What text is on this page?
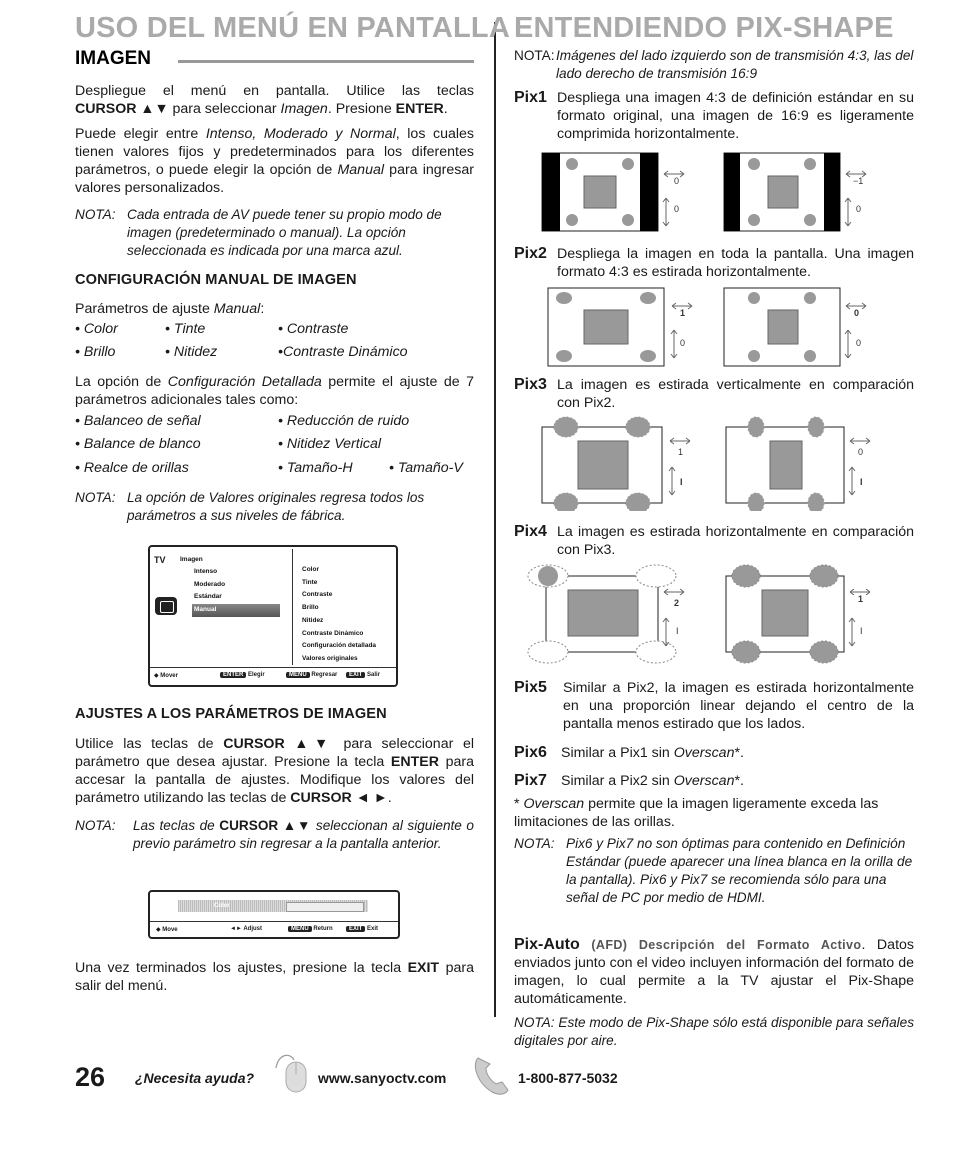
USO DEL MENÚ EN PANTALLA
IMAGEN

Despliegue el menú en pantalla. Utilice las teclas

CURSOR ▲▼ para seleccionar Imagen. Presione ENTER.

Puede elegir entre Intenso, Moderado y Normal, los cuales tienen valores fijos y predeterminados para los diferentes parámetros, o puede elegir la opción de Manual para ingresar valores personalizados.

NOTA: Cada entrada de AV puede tener su propio modo de imagen (predeterminado o manual). La opción seleccionada es indicada por una marca azul.
CONFIGURACIÓN MANUAL DE IMAGEN
Parámetros de ajuste Manual:
• Color	• Tinte	• Contraste
• Brillo	• Nitidez	•Contraste Dinámico
La opción de Configuración Detallada permite el ajuste de 7 parámetros adicionales tales como:
• Balanceo de señal	• Reducción de ruido
• Balance de blanco	• Nitidez Vertical
• Realce de orillas	• Tamaño-H	• Tamaño-V
NOTA: La opción de Valores originales regresa todos los parámetros a sus niveles de fábrica.
TV Imagen
Intenso
Moderado
Estándar
Manual
Color
Tinte
Contraste
Brillo
Nitidez
Contraste Dinámico
Configuración detallada
Valores originales
◆ Mover	ENTER Elegir	MENU Regresar	EXIT Salir
AJUSTES A LOS PARÁMETROS DE IMAGEN
Utilice las teclas de CURSOR ▲▼ para seleccionar el parámetro que desea ajustar. Presione la tecla ENTER para accesar la pantalla de ajustes. Modifique los valores del parámetro utilizando las teclas de CURSOR ◄ ►.
NOTA: Las teclas de CURSOR ▲▼ seleccionan al siguiente o previo parámetro sin regresar a la pantalla anterior.
Color
◆ Move	◄► Adjust	MENU Return	EXIT Exit
Una vez terminados los ajustes, presione la tecla EXIT para salir del menú.
ENTENDIENDO PIX-SHAPE
NOTA: Imágenes del lado izquierdo son de transmisión 4:3, las del lado derecho de transmisión 16:9
Pix1 Despliega una imagen 4:3 de definición estándar en su formato original, una imagen de 16:9 es ligeramente comprimida horizontalmente.
0
0
−1
0
Pix2 Despliega la imagen en toda la pantalla. Una imagen formato 4:3 es estirada horizontalmente.
1
0
0
0
Pix3 La imagen es estirada verticalmente en comparación con Pix2.
1
I
0
I
Pix4 La imagen es estirada horizontalmente en comparación con Pix3.
2
I
1
I
Pix5 Similar a Pix2, la imagen es estirada horizontalmente en una proporción linear dejando el centro de la pantalla menos estirado que los lados.
Pix6 Similar a Pix1 sin Overscan*.
Pix7 Similar a Pix2 sin Overscan*.
* Overscan permite que la imagen ligeramente exceda las limitaciones de las orillas.
NOTA: Pix6 y Pix7 no son óptimas para contenido en Definición Estándar (puede aparecer una línea blanca en la orilla de la pantalla). Pix6 y Pix7 se recomienda sólo para una señal de PC por medio de HDMI.
Pix-Auto (AFD) Descripción del Formato Activo. Datos enviados junto con el video incluyen información del formato de imagen, lo cual permite a la TV ajustar el Pix-Shape automáticamente.
NOTA: Este modo de Pix-Shape sólo está disponible para señales digitales por aire.
26 ¿Necesita ayuda?	www.sanyoctv.com	1-800-877-5032
